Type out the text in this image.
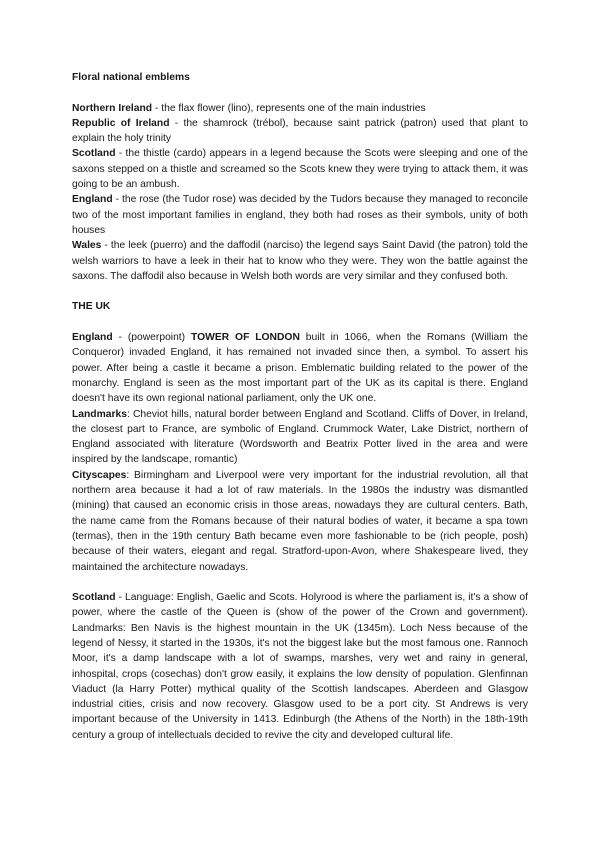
Floral national emblems

Northern Ireland - the flax flower (lino), represents one of the main industries

Republic of Ireland - the shamrock (trébol), because saint patrick (patron) used that plant to explain the holy trinity

Scotland - the thistle (cardo) appears in a legend because the Scots were sleeping and one of the saxons stepped on a thistle and screamed so the Scots knew they were trying to attack them, it was going to be an ambush.

England - the rose (the Tudor rose) was decided by the Tudors because they managed to reconcile two of the most important families in england, they both had roses as their symbols, unity of both houses

Wales - the leek (puerro) and the daffodil (narciso) the legend says Saint David (the patron) told the welsh warriors to have a leek in their hat to know who they were. They won the battle against the saxons. The daffodil also because in Welsh both words are very similar and they confused both.

THE UK

England - (powerpoint) TOWER OF LONDON built in 1066, when the Romans (William the Conqueror) invaded England, it has remained not invaded since then, a symbol. To assert his power. After being a castle it became a prison. Emblematic building related to the power of the monarchy. England is seen as the most important part of the UK as its capital is there. England doesn't have its own regional national parliament, only the UK one.

Landmarks: Cheviot hills, natural border between England and Scotland. Cliffs of Dover, in Ireland, the closest part to France, are symbolic of England. Crummock Water, Lake District, northern of England associated with literature (Wordsworth and Beatrix Potter lived in the area and were inspired by the landscape, romantic)

Cityscapes: Birmingham and Liverpool were very important for the industrial revolution, all that northern area because it had a lot of raw materials. In the 1980s the industry was dismantled (mining) that caused an economic crisis in those areas, nowadays they are cultural centers. Bath, the name came from the Romans because of their natural bodies of water, it became a spa town (termas), then in the 19th century Bath became even more fashionable to be (rich people, posh) because of their waters, elegant and regal. Stratford-upon-Avon, where Shakespeare lived, they maintained the architecture nowadays.

Scotland - Language: English, Gaelic and Scots. Holyrood is where the parliament is, it's a show of power, where the castle of the Queen is (show of the power of the Crown and government). Landmarks: Ben Navis is the highest mountain in the UK (1345m). Loch Ness because of the legend of Nessy, it started in the 1930s, it's not the biggest lake but the most famous one. Rannoch Moor, it's a damp landscape with a lot of swamps, marshes, very wet and rainy in general, inhospital, crops (cosechas) don't grow easily, it explains the low density of population. Glenfinnan Viaduct (la Harry Potter) mythical quality of the Scottish landscapes. Aberdeen and Glasgow industrial cities, crisis and now recovery. Glasgow used to be a port city. St Andrews is very important because of the University in 1413. Edinburgh (the Athens of the North) in the 18th-19th century a group of intellectuals decided to revive the city and developed cultural life.
